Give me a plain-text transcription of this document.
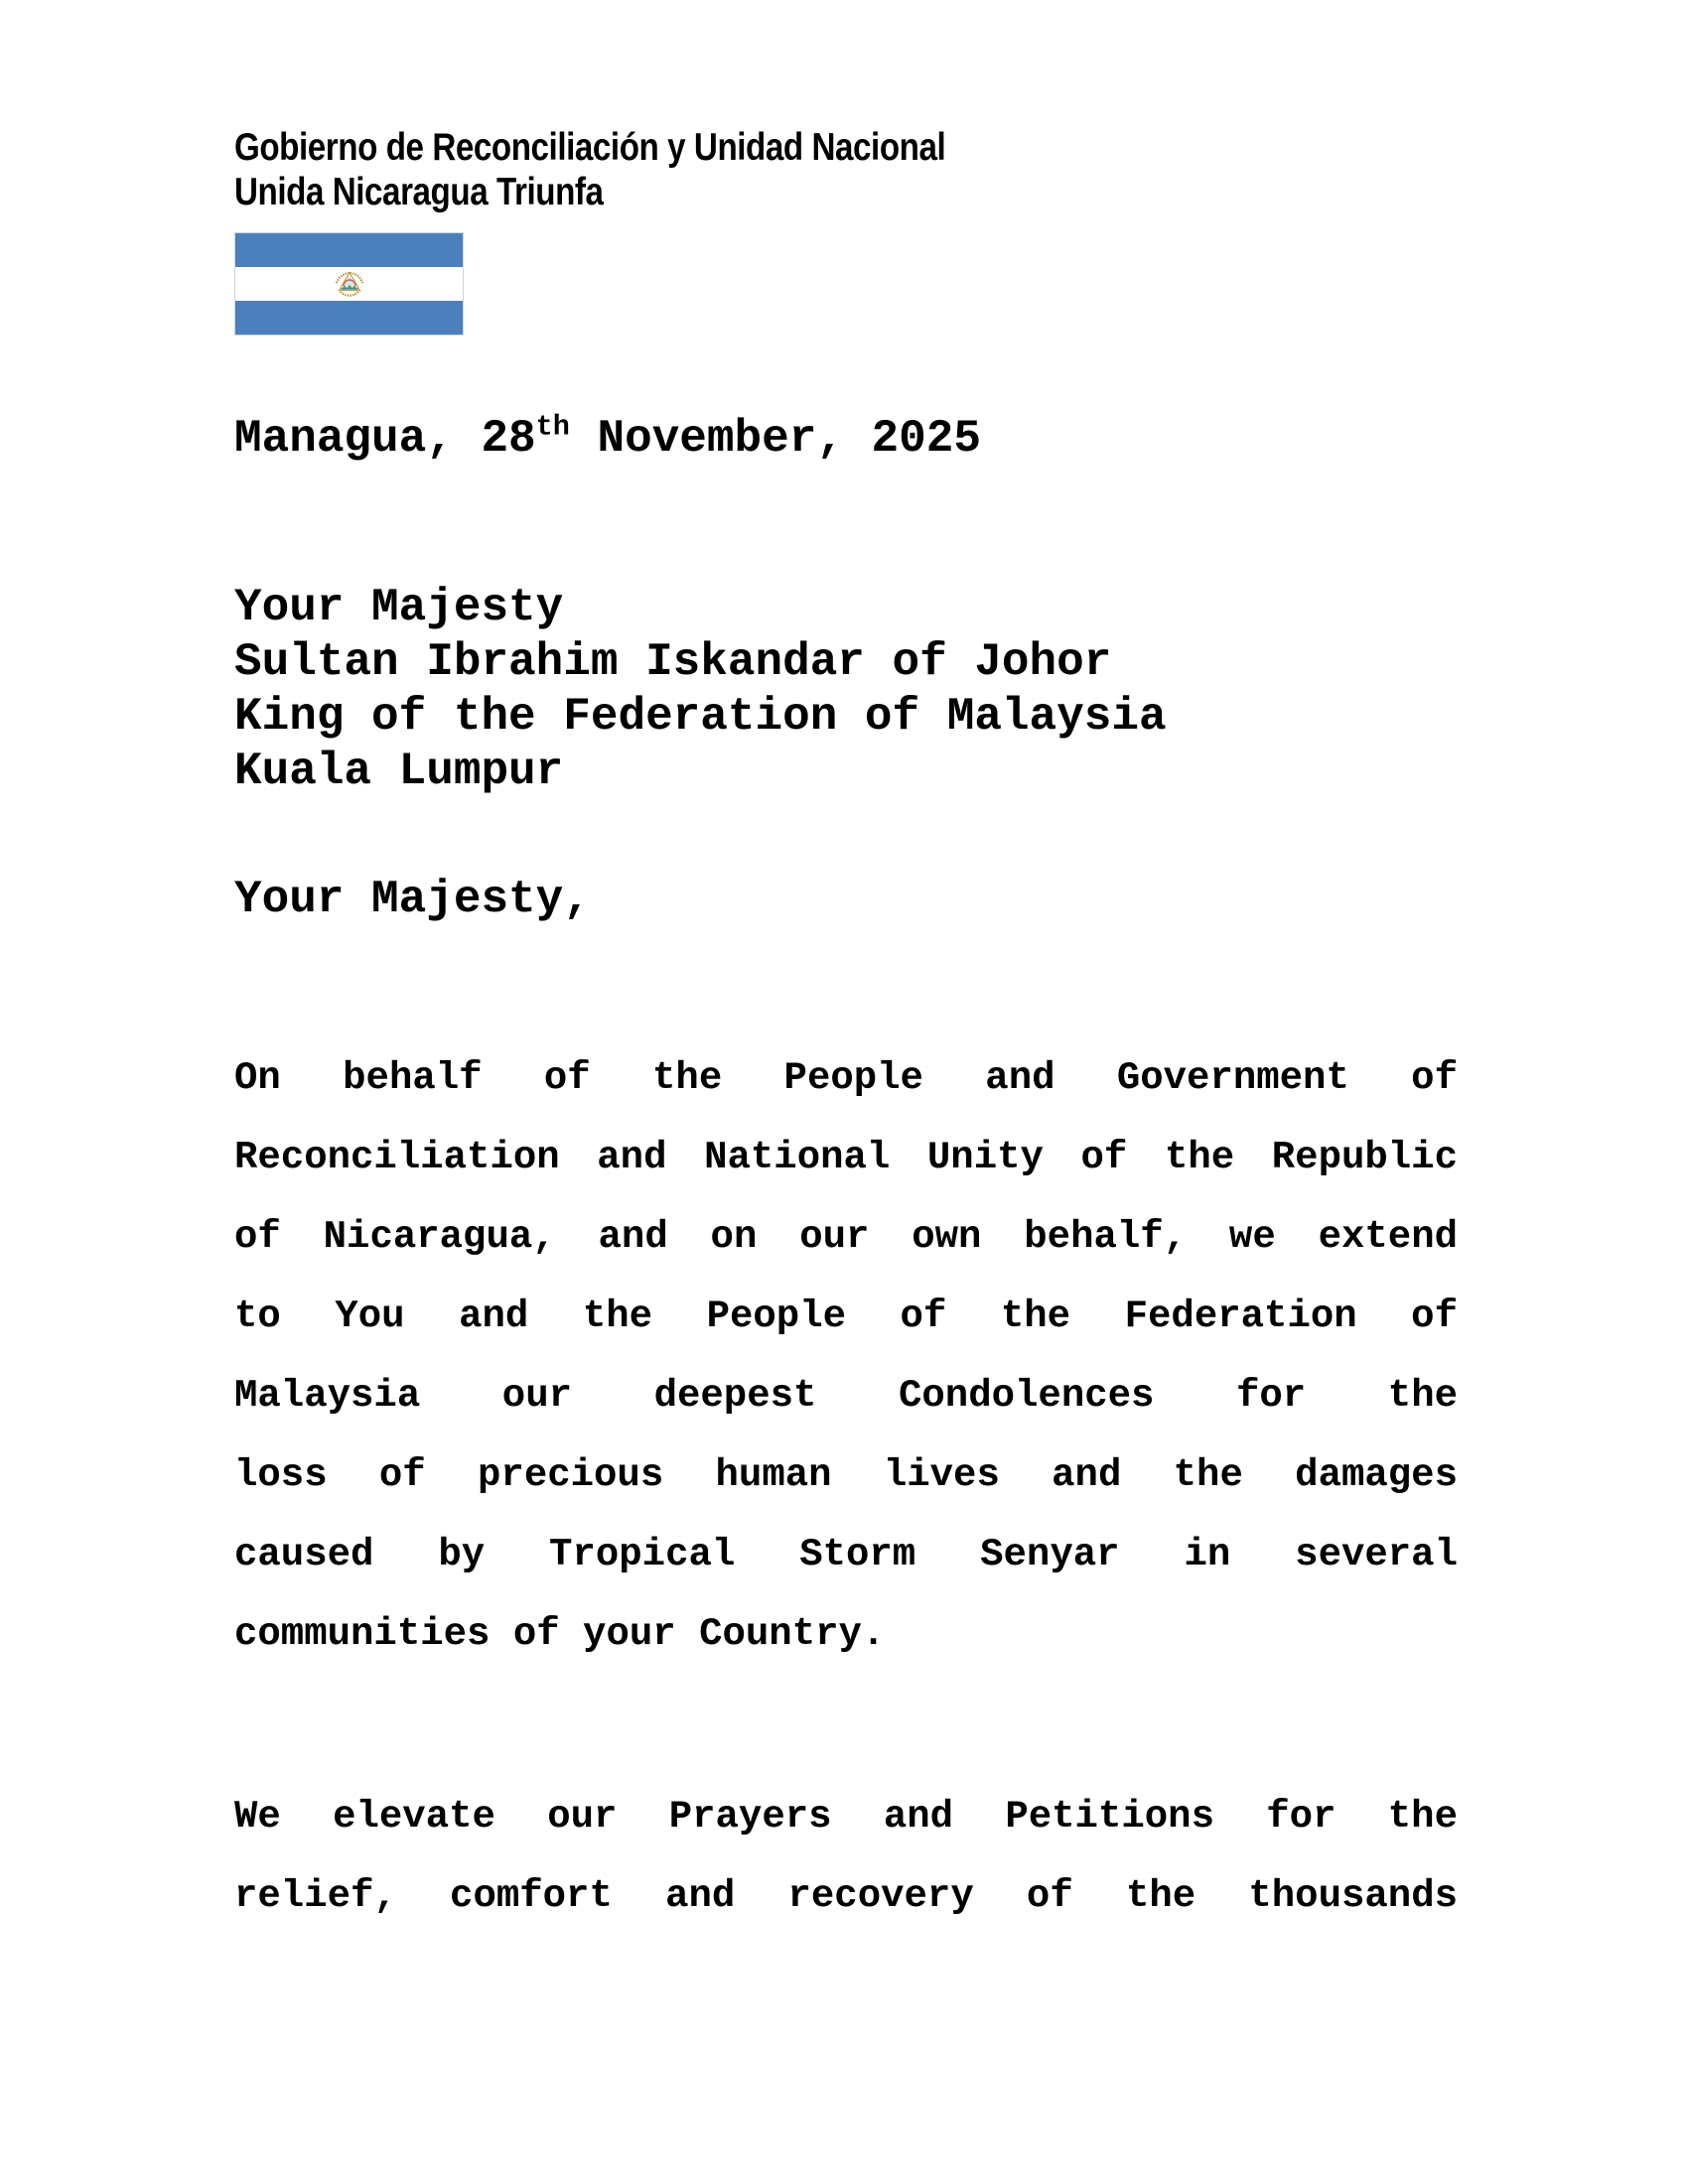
Gobierno de Reconciliación y Unidad Nacional
Unida Nicaragua Triunfa
Managua, 28th November, 2025
Your Majesty
Sultan Ibrahim Iskandar of Johor
King of the Federation of Malaysia
Kuala Lumpur
Your Majesty,
On behalf of the People and Government of
Reconciliation and National Unity of the Republic
of Nicaragua, and on our own behalf, we extend
to You and the People of the Federation of
Malaysia our deepest Condolences for the
loss of precious human lives and the damages
caused by Tropical Storm Senyar in several
communities of your Country.
We elevate our Prayers and Petitions for the
relief, comfort and recovery of the thousands
